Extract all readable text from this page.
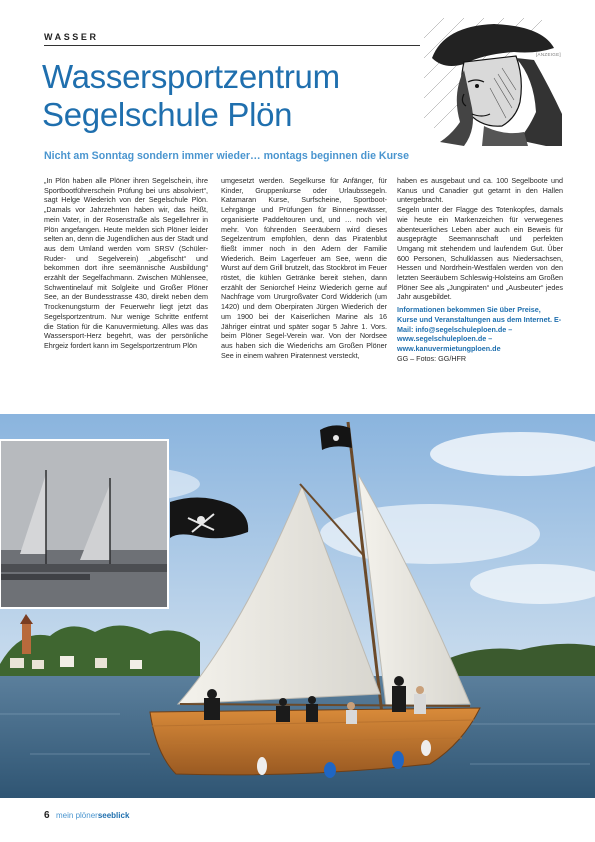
WASSER
Wassersportzentrum
Segelschule Plön
[ANZEIGE]
Nicht am Sonntag sondern immer wieder… montags beginnen die Kurse

„In Plön haben alle Plöner ihren Segelschein, ihre Sportbootführerschein Prüfung bei uns absolviert“, sagt Helge Wiederich von der Segelschule Plön. „Damals vor Jahrzehnten haben wir, das heißt, mein Vater, in der Rosenstraße als Segellehrer in Plön angefangen. Heute melden sich Plöner leider selten an, denn die Jugendlichen aus der Stadt und aus dem Umland werden vom SRSV (Schüler- Ruder- und Segelverein) „abgefischt“ und bekommen dort ihre seemännische Ausbildung“ erzählt der Segelfachmann. Zwischen Mühlensee, Schwentinelauf mit Solgleite und Großer Plöner See, an der Bundesstrasse 430, direkt neben dem Trockenungsturm der Feuerwehr liegt jetzt das Segelsportzentrum. Nur wenige Schritte entfernt die Station für die Kanuvermietung. Alles was das Wassersport-Herz begehrt, was der persönliche Ehrgeiz fordert kann im Segelsportzentrum Plön

umgesetzt werden. Segelkurse für Anfänger, für Kinder, Gruppenkurse oder Urlaubssegeln. Katamaran Kurse, Surfscheine, Sportboot-Lehrgänge und Prüfungen für Binnengewässer, organisierte Paddeltouren und, und … noch viel mehr. Von führenden Seeräubern wird dieses Segelzentrum empfohlen, denn das Piratenblut fließt immer noch in den Adern der Familie Wiederich. Beim Lagerfeuer am See, wenn die Wurst auf dem Grill brutzelt, das Stockbrot im Feuer röstet, die kühlen Getränke bereit stehen, dann erzählt der Seniorchef Heinz Wiederich gerne auf Nachfrage vom Ururgroßvater Cord Widderich (um 1420) und dem Oberpiraten Jürgen Wiederich der um 1900 bei der Kaiserlichen Marine als 16 Jähriger eintrat und später sogar 5 Jahre 1. Vors. beim Plöner Segel-Verein war. Von der Nordsee aus haben sich die Wiederichs am Großen Plöner See in einem wahren Piratennest versteckt,

haben es ausgebaut und ca. 100 Segelboote und Kanus und Canadier gut getarnt in den Hallen untergebracht.

Segeln unter der Flagge des Totenkopfes, damals wie heute ein Markenzeichen für verwegenes abenteuerliches Leben aber auch ein Beweis für ausgeprägte Seemannschaft und perfekten Umgang mit stehendem und laufendem Gut. Über 600 Personen, Schulklassen aus Niedersachsen, Hessen und Nordrhein-Westfalen werden von den letzten Seeräubern Schleswig-Holsteins am Großen Plöner See als „Jungpiraten“ und „Ausbeuter“ jedes Jahr ausgebildet.

Informationen bekommen Sie über Preise, Kurse und Veranstaltungen aus dem Internet. E-Mail: info@segelschuleploen.de – www.segelschuleploen.de – www.kanuvermietungploen.de

GG – Fotos: GG/HFR

6 mein plönerseeblick
